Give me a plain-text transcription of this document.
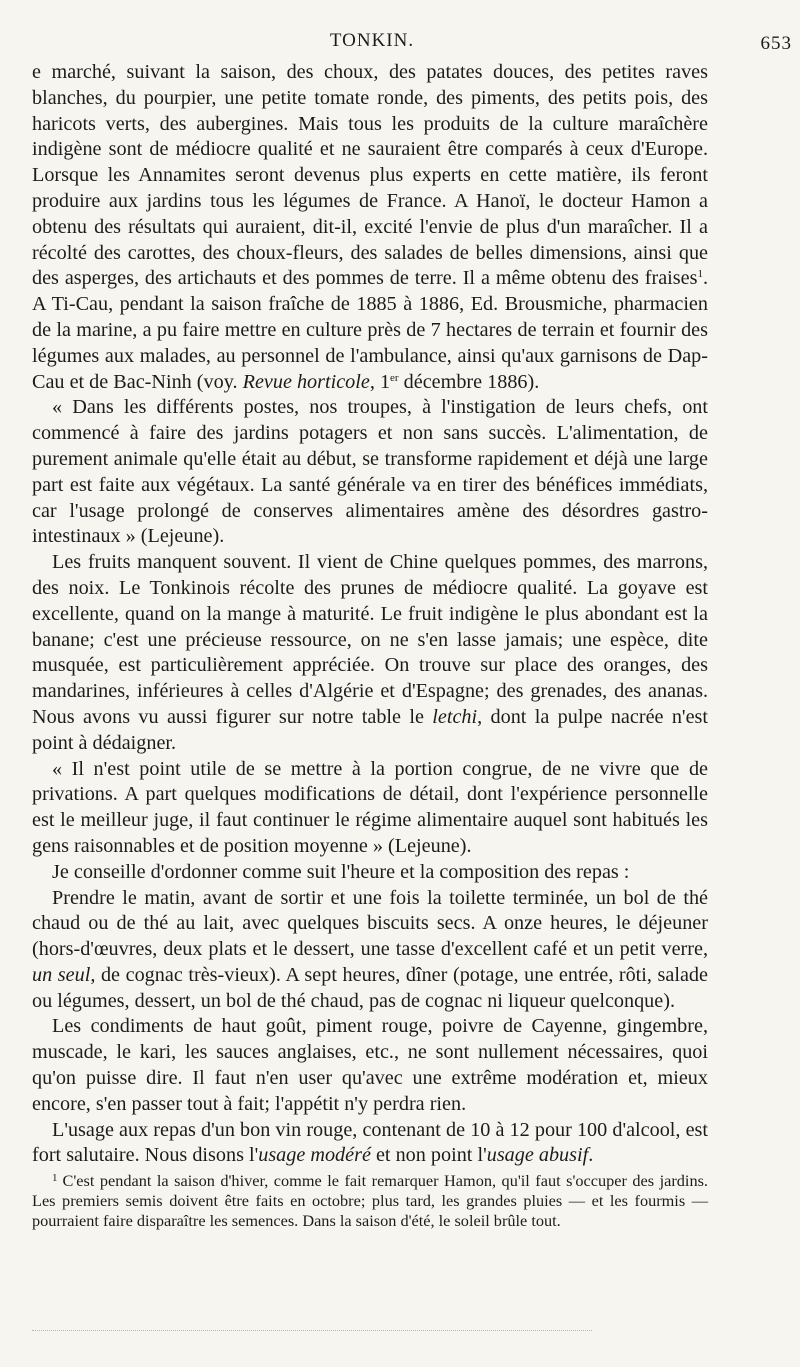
TONKIN.	653

e marché, suivant la saison, des choux, des patates douces, des petites raves blanches, du pourpier, une petite tomate ronde, des piments, des petits pois, des haricots verts, des aubergines. Mais tous les produits de la culture maraîchère indigène sont de médiocre qualité et ne sauraient être comparés à ceux d'Europe. Lorsque les Annamites seront devenus plus experts en cette matière, ils feront produire aux jardins tous les légumes de France. A Hanoï, le docteur Hamon a obtenu des résultats qui auraient, dit-il, excité l'envie de plus d'un maraîcher. Il a récolté des carottes, des choux-fleurs, des salades de belles dimensions, ainsi que des asperges, des artichauts et des pommes de terre. Il a même obtenu des fraises$^1$. A Ti-Cau, pendant la saison fraîche de 1885 à 1886, Ed. Brousmiche, pharmacien de la marine, a pu faire mettre en culture près de 7 hectares de terrain et fournir des légumes aux malades, au personnel de l'ambulance, ainsi qu'aux garnisons de Dap-Cau et de Bac-Ninh (voy. Revue horticole, 1er décembre 1886).

« Dans les différents postes, nos troupes, à l'instigation de leurs chefs, ont commencé à faire des jardins potagers et non sans succès. L'alimentation, de purement animale qu'elle était au début, se transforme rapidement et déjà une large part est faite aux végétaux. La santé générale va en tirer des bénéfices immédiats, car l'usage prolongé de conserves alimentaires amène des désordres gastro-intestinaux » (Lejeune).

Les fruits manquent souvent. Il vient de Chine quelques pommes, des marrons, des noix. Le Tonkinois récolte des prunes de médiocre qualité. La goyave est excellente, quand on la mange à maturité. Le fruit indigène le plus abondant est la banane; c'est une précieuse ressource, on ne s'en lasse jamais; une espèce, dite musquée, est particulièrement appréciée. On trouve sur place des oranges, des mandarines, inférieures à celles d'Algérie et d'Espagne; des grenades, des ananas. Nous avons vu aussi figurer sur notre table le letchi, dont la pulpe nacrée n'est point à dédaigner.

« Il n'est point utile de se mettre à la portion congrue, de ne vivre que de privations. A part quelques modifications de détail, dont l'expérience personnelle est le meilleur juge, il faut continuer le régime alimentaire auquel sont habitués les gens raisonnables et de position moyenne » (Lejeune).

Je conseille d'ordonner comme suit l'heure et la composition des repas :

Prendre le matin, avant de sortir et une fois la toilette terminée, un bol de thé chaud ou de thé au lait, avec quelques biscuits secs. A onze heures, le déjeuner (hors-d'œuvres, deux plats et le dessert, une tasse d'excellent café et un petit verre, un seul, de cognac très-vieux). A sept heures, dîner (potage, une entrée, rôti, salade ou légumes, dessert, un bol de thé chaud, pas de cognac ni liqueur quelconque).

Les condiments de haut goût, piment rouge, poivre de Cayenne, gingembre, muscade, le kari, les sauces anglaises, etc., ne sont nullement nécessaires, quoi qu'on puisse dire. Il faut n'en user qu'avec une extrême modération et, mieux encore, s'en passer tout à fait; l'appétit n'y perdra rien.

L'usage aux repas d'un bon vin rouge, contenant de 10 à 12 pour 100 d'alcool, est fort salutaire. Nous disons l'usage modéré et non point l'usage abusif.

$^1$ C'est pendant la saison d'hiver, comme le fait remarquer Hamon, qu'il faut s'occuper des jardins. Les premiers semis doivent être faits en octobre; plus tard, les grandes pluies — et les fourmis — pourraient faire disparaître les semences. Dans la saison d'été, le soleil brûle tout.
